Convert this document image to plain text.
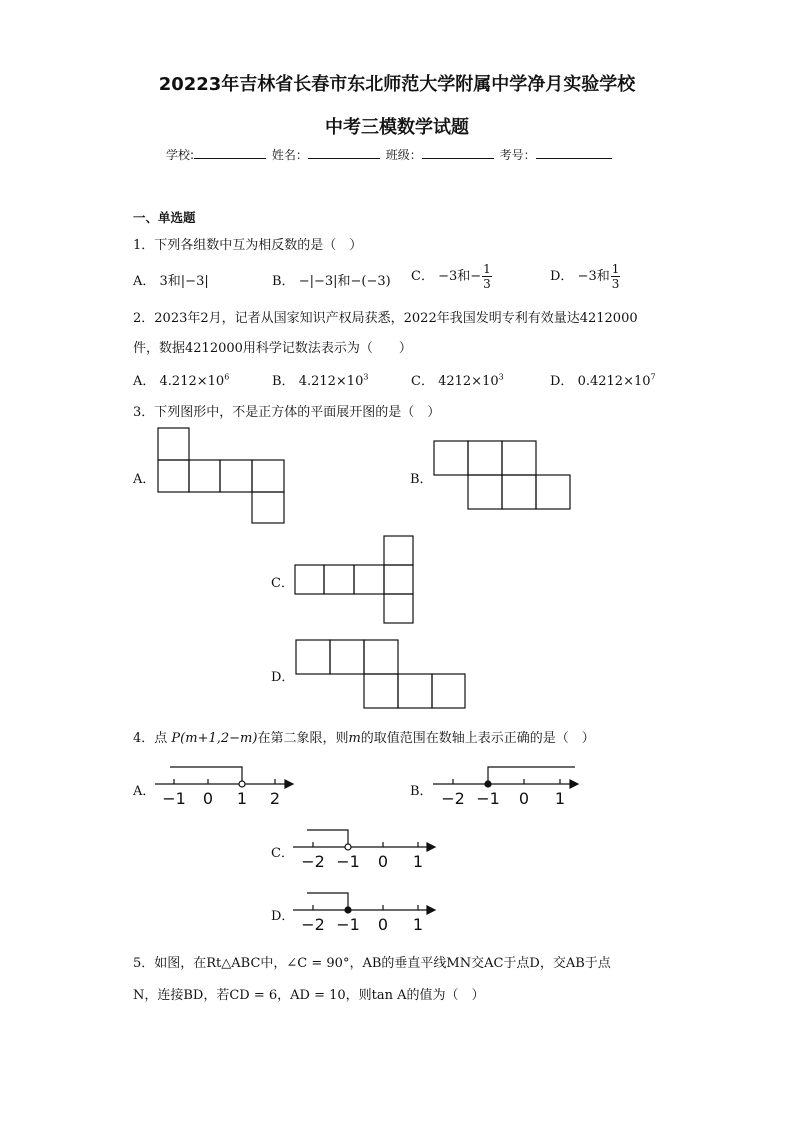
20223年吉林省长春市东北师范大学附属中学净月实验学校
中考三模数学试题
学校:	姓名：	班级：	考号：
一、单选题
1．下列各组数中互为相反数的是（　）
A． 3和|−3|	B． −|−3|和−(−3) C． −3和− $\frac{1}{3}$	D． −3和 $\frac{1}{3}$
2．2023年2月，记者从国家知识产权局获悉，2022年我国发明专利有效量达4212000
件，数据4212000用科学记数法表示为（　　）
A． $4.212\times 10^6$	B． $4.212\times 10^3$	C． $4212\times 10^3$	D． $0.4212\times 10^7$
3．下列图形中，不是正方体的平面展开图的是（　）
A．	B．
C．
D．
4．点 P(m+1,2−m)在第二象限，则m的取值范围在数轴上表示正确的是（　）
A． −1 0 1 2	B． −2 −1 0 1
C． −2 −1 0 1
D． −2 −1 0 1
5．如图，在Rt△ABC中，∠C = 90°，AB的垂直平线MN交AC于点D，交AB于点
N，连接BD，若CD = 6，AD = 10，则tan A的值为（　）
